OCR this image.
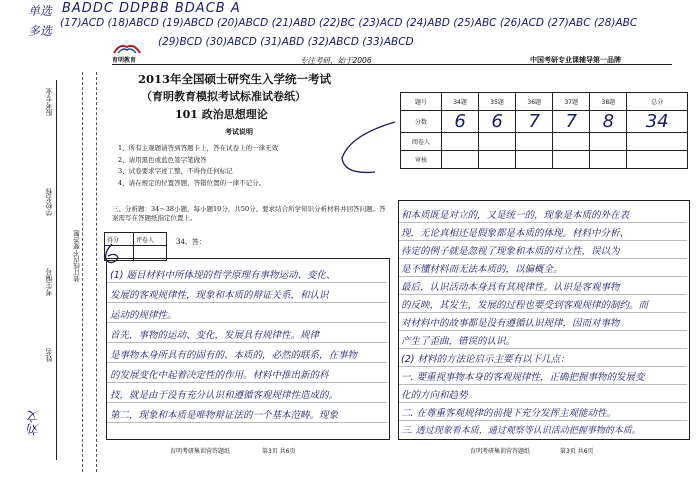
单选 BADDC DDPBB BDACB A
多选
(17)ACD (18)ABCD (19)ABCD (20)ABCD (21)ABD (22)BC (23)ACD (24)ABD (25)ABC (26)ACD (27)ABC (28)ABC
(29)BCD (30)ABCD (31)ABD (32)ABCD (33)ABCD
育明教育	专注考研，始于2006	中国考研专业课辅导第一品牌
2013年全国硕士研究生入学统一考试
（育明教育模拟考试标准试卷纸）
101 政治思想理论
考试说明
1、所有主观题请答到答题卡上，答在试卷上的一律无效
2、请用黑色或蓝色签字笔做答
3、试卷要求字迹工整，不得作任何标记
4、请在规定的位置答题，答错位置的一律不记分。
题号	34题	35题	36题	37题	38题	总分
分数	6	6	7	7	8	34
阅卷人						
审核						
报考专业
学校名称
考生编号
姓名
装订线内不要答题
刘文
三、分析题：34～38小题，每小题10分，共50分。要求结合所学知识分析材料并回答问题。答案需写在答题纸指定位置上。
得分	评卷人
		34、答：
(1) 题目材料中所体现的哲学原理有事物运动、变化、
发展的客观规律性，现象和本质的辩证关系，和认识
运动的规律性。
首先，事物的运动、变化，发展具有规律性。规律
是事物本身所具有的固有的、本质的，必然的联系，在事物
的发展变化中起着决定性的作用。材料中推出新的科
技，就是由于没有充分认识和遵循客观规律性造成的。
第二，现象和本质是唯物辩证法的一个基本范畴。现象
和本质既是对立的，又是统一的，现象是本质的外在表
现，无论真相还是假象都是本质的体现。材料中分析、
待定的例子就是忽视了现象和本质的对立性，误以为
是不懂材料而无法本质的，以偏概全。
最后，认识活动本身具有其规律性。认识是客观事物
的反映，其发生，发展的过程也要受到客观规律的制约。而
对材料中的故事都是没有遵循认识规律，因而对事物
产生了歪曲，错误的认识。
(2) 材料的方法论启示主要有以下几点：
一. 要重视事物本身的客观规律性，正确把握事物的发展变
化的方向和趋势
二. 在尊重客观规律的前提下充分发挥主观能动性。
三. 透过现象看本质，通过观察等认识活动把握事物的本质。
育明考研集训营答题纸	第3页 共6页	育明考研集训营答题纸	第3页 共6页
